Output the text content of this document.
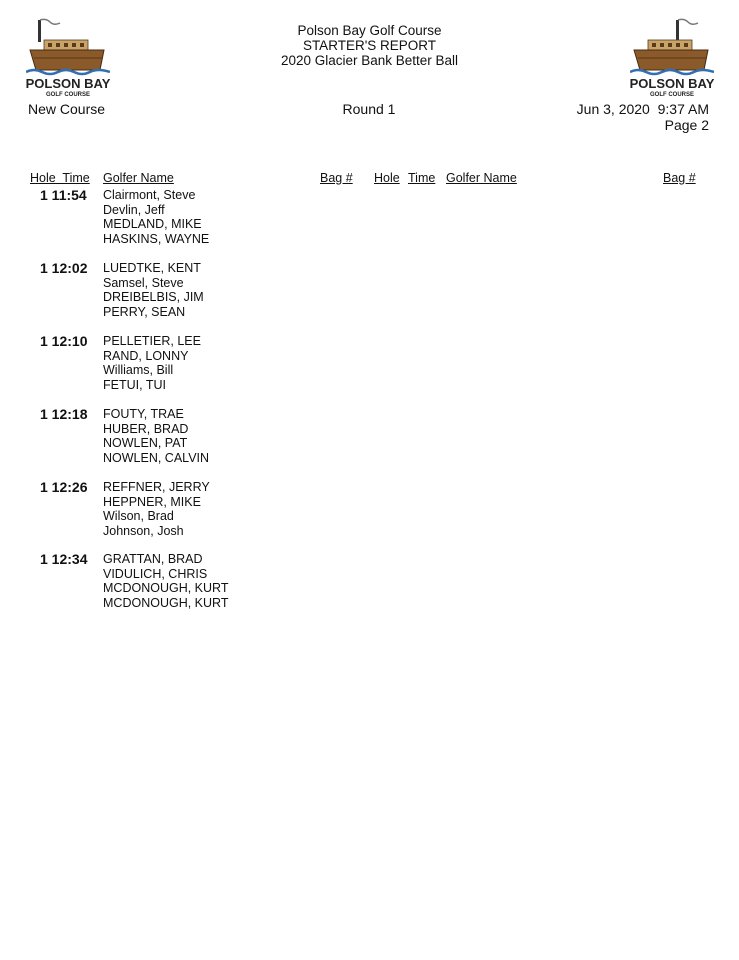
POLSON BAY
GOLF COURSE
POLSON BAY
GOLF COURSE
Polson Bay Golf Course
STARTER'S REPORT
2020 Glacier Bank Better Ball
New Course	Round 1	Jun 3, 2020  9:37 AM
Page 2
Hole  Time Golfer Name	Bag # Hole Time Golfer Name	Bag #
1 11:54 Clairmont, Steve
Devlin, Jeff
MEDLAND, MIKE
HASKINS, WAYNE
1 12:02 LUEDTKE, KENT
Samsel, Steve
DREIBELBIS, JIM
PERRY, SEAN
1 12:10 PELLETIER, LEE
RAND, LONNY
Williams, Bill
FETUI, TUI
1 12:18 FOUTY, TRAE
HUBER, BRAD
NOWLEN, PAT
NOWLEN, CALVIN
1 12:26 REFFNER, JERRY
HEPPNER, MIKE
Wilson, Brad
Johnson, Josh
1 12:34 GRATTAN, BRAD
VIDULICH, CHRIS
MCDONOUGH, KURT
MCDONOUGH, KURT
